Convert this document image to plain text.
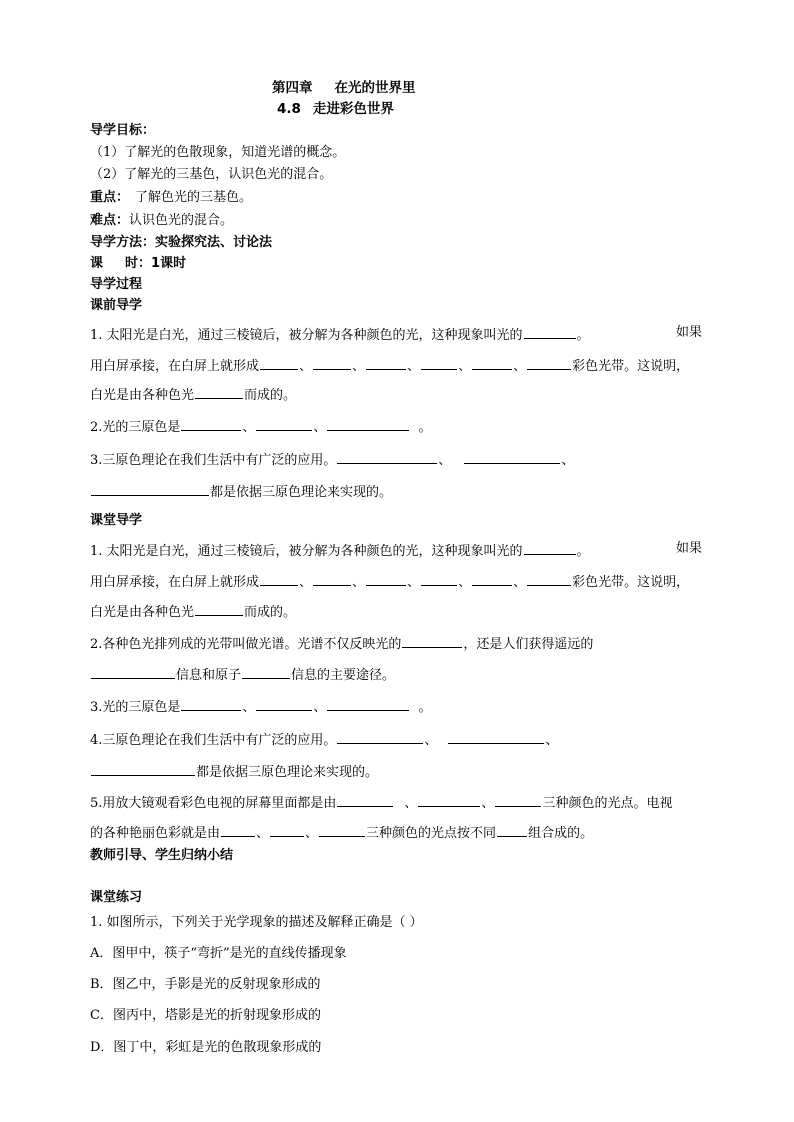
第四章 在光的世界里
4.8 走进彩色世界
导学目标：
（1）了解光的色散现象，知道光谱的概念。
（2）了解光的三基色，认识色光的混合。
重点： 了解色光的三基色。
难点：认识色光的混合。
导学方法：实验探究法、讨论法
课 时：1课时
导学过程
课前导学
1. 太阳光是白光，通过三棱镜后，被分解为各种颜色的光，这种现象叫光的	。	如果
用白屏承接，在白屏上就形成	、	、	、	、	、	彩色光带。这说明，
白光是由各种色光	而成的。
2.光的三原色是	、	、	。
3.三原色理论在我们生活中有广泛的应用。	、	、
都是依据三原色理论来实现的。
课堂导学
1. 太阳光是白光，通过三棱镜后，被分解为各种颜色的光，这种现象叫光的	。	如果
用白屏承接，在白屏上就形成	、	、	、	、	、	彩色光带。这说明，
白光是由各种色光	而成的。
2.各种色光排列成的光带叫做光谱。光谱不仅反映光的	，还是人们获得遥远的
信息和原子	信息的主要途径。
3.光的三原色是	、	、	。
4.三原色理论在我们生活中有广泛的应用。	、	、
都是依据三原色理论来实现的。
5.用放大镜观看彩色电视的屏幕里面都是由	、	、	三种颜色的光点。电视
的各种艳丽色彩就是由	、	、	三种颜色的光点按不同 组合成的。
教师引导、学生归纳小结
课堂练习
1. 如图所示，下列关于光学现象的描述及解释正确是（ ）
A．图甲中，筷子“弯折”是光的直线传播现象
B．图乙中，手影是光的反射现象形成的
C．图丙中，塔影是光的折射现象形成的
D．图丁中，彩虹是光的色散现象形成的
